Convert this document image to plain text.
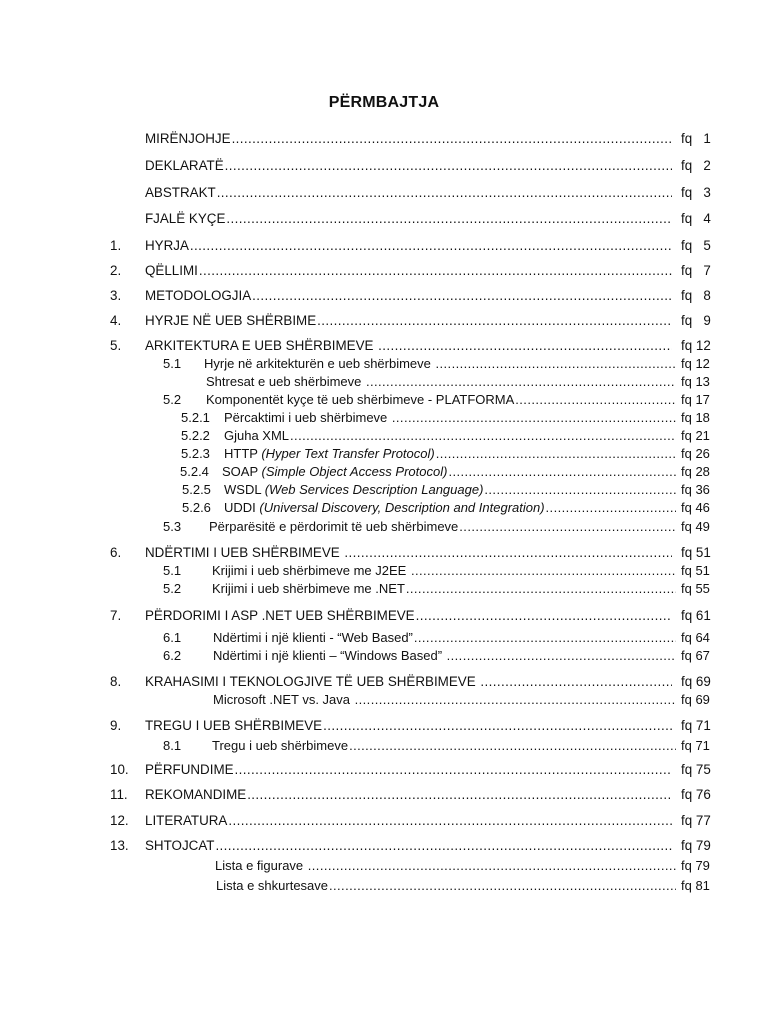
PËRMBAJTJA
MIRËNJOHJE .....	fq   1
DEKLARATË .....	fq   2
ABSTRAKT .....	fq   3
FJALË KYÇE .....	fq   4
1. HYRJA .....	fq   5
2. QËLLIMI .....	fq   7
3. METODOLOGJIA .....	fq   8
4. HYRJE NË UEB SHËRBIME .....	fq   9
5. ARKITEKTURA E UEB SHËRBIMEVE .....	fq 12
5.1 Hyrje në arkitekturën e ueb shërbimeve .....	fq 12
Shtresat e ueb shërbimeve .....	fq 13
5.2 Komponentët kyçe të ueb shërbimeve - PLATFORMA .....	fq 17
5.2.1 Përcaktimi i ueb shërbimeve .....	fq 18
5.2.2 Gjuha XML .....	fq 21
5.2.3 HTTP (Hyper Text Transfer Protocol) .....	fq 26
5.2.4 SOAP (Simple Object Access Protocol) .....	fq 28
5.2.5 WSDL (Web Services Description Language) .....	fq 36
5.2.6 UDDI (Universal Discovery, Description and Integration) .....	fq 46
5.3 Përparësitë e përdorimit të ueb shërbimeve .....	fq 49
6. NDËRTIMI I UEB SHËRBIMEVE .....	fq 51
5.1 Krijimi i ueb shërbimeve me J2EE .....	fq 51
5.2 Krijimi i ueb shërbimeve me .NET .....	fq 55
7. PËRDORIMI I ASP .NET UEB SHËRBIMEVE .....	fq 61
6.1 Ndërtimi i një klienti - “Web Based” .....	fq 64
6.2 Ndërtimi i një klienti – “Windows Based” .....	fq 67
8. KRAHASIMI I TEKNOLOGJIVE TË UEB SHËRBIMEVE .....	fq 69
Microsoft .NET vs. Java .....	fq 69
9. TREGU I UEB SHËRBIMEVE .....	fq 71
8.1 Tregu i ueb shërbimeve .....	fq 71
10. PËRFUNDIME .....	fq 75
11. REKOMANDIME .....	fq 76
12. LITERATURA .....	fq 77
13. SHTOJCAT .....	fq 79
Lista e figurave .....	fq 79
Lista e shkurtesave .....	fq 81
